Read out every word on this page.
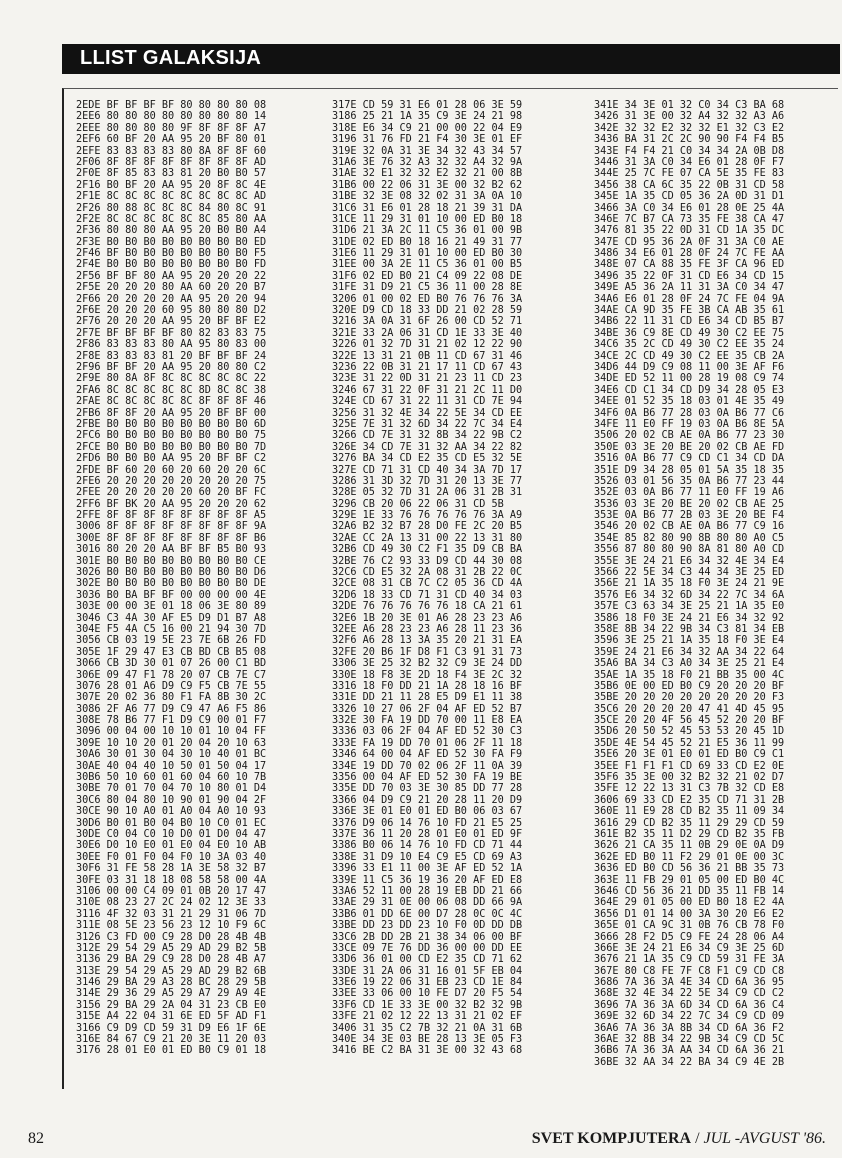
LLIST GALAKSIJA
2EDE BF BF BF BF 80 80 80 80 08
2EE6 80 80 80 80 80 80 80 80 14
2EEE 80 80 80 80 9F 8F 8F 8F A7
2EF6 60 BF 20 AA 95 20 BF 80 01
2EFE 83 83 83 83 80 8A 8F 8F 60
2F06 8F 8F 8F 8F 8F 8F 8F 8F AD
2F0E 8F 85 83 83 81 20 B0 B0 57
2F16 B0 BF 20 AA 95 20 8F 8C 4E
2F1E 8C 8C 8C 8C 8C 8C 8C 8C AD
2F26 80 88 8C 8C 8C 84 80 8C 91
2F2E 8C 8C 8C 8C 8C 8C 85 80 AA
2F36 80 80 80 AA 95 20 B0 B0 A4
2F3E B0 B0 B0 B0 B0 B0 B0 B0 ED
2F46 BF B0 B0 B0 B0 B0 B0 B0 F5
2F4E B0 B0 B0 B0 B0 B0 B0 B0 FD
2F56 BF BF 80 AA 95 20 20 20 22
2F5E 20 20 20 80 AA 60 20 20 B7
2F66 20 20 20 20 AA 95 20 20 94
2F6E 20 20 20 60 95 80 80 80 D2
2F76 20 20 20 AA 95 20 BF BF E2
2F7E BF BF BF BF 80 82 83 83 75
2F86 83 83 83 80 AA 95 80 83 00
2F8E 83 83 83 81 20 BF BF BF 24
2F96 BF BF 20 AA 95 20 80 80 C2
2F9E 80 8A 8F 8C 8C 8C 8C 8C 22
2FA6 8C 8C 8C 8C 8C 8D 8C 8C 38
2FAE 8C 8C 8C 8C 8C 8F 8F 8F 46
2FB6 8F 8F 20 AA 95 20 BF BF 00
2FBE B0 B0 B0 B0 B0 B0 B0 B0 6D
2FC6 B0 B0 B0 B0 B0 B0 B0 B0 75
2FCE B0 B0 B0 B0 B0 B0 B0 B0 7D
2FD6 B0 B0 B0 AA 95 20 BF BF C2
2FDE BF 60 20 60 20 60 20 20 6C
2FE6 20 20 20 20 20 20 20 20 75
2FEE 20 20 20 20 20 60 20 BF FC
2FF6 BF BK 20 AA 95 20 20 20 62
2FFE 8F 8F 8F 8F 8F 8F 8F 8F A5
3006 8F 8F 8F 8F 8F 8F 8F 8F 9A
300E 8F 8F 8F 8F 8F 8F 8F 8F B6
3016 80 20 20 AA BF BF B5 B0 93
301E B0 B0 B0 B0 B0 B0 B0 B0 CE
3026 B0 B0 B0 B0 B0 B0 B0 B0 D6
302E B0 B0 B0 B0 B0 B0 B0 B0 DE
3036 B0 BA BF BF 00 00 00 00 4E
303E 00 00 3E 01 18 06 3E 80 89
3046 C3 4A 30 AF E5 D9 D1 B7 A8
304E F5 4A C5 16 00 21 94 30 7D
3056 CB 03 19 5E 23 7E 6B 26 FD
305E 1F 29 47 E3 CB BD CB B5 08
3066 CB 3D 30 01 07 26 00 C1 BD
306E 09 47 F1 78 20 07 CB 7E C7
3076 28 01 A6 D9 C9 F5 CB 7E 55
307E 20 02 36 80 F1 FA 8B 30 2C
3086 2F A6 77 D9 C9 47 A6 F5 86
308E 78 B6 77 F1 D9 C9 00 01 F7
3096 00 04 00 10 10 01 10 04 FF
309E 10 10 20 01 20 04 20 10 63
30A6 30 01 30 04 30 10 40 01 BC
30AE 40 04 40 10 50 01 50 04 17
30B6 50 10 60 01 60 04 60 10 7B
30BE 70 01 70 04 70 10 80 01 D4
30C6 80 04 80 10 90 01 90 04 2F
30CE 90 10 A0 01 A0 04 A0 10 93
30D6 B0 01 B0 04 B0 10 C0 01 EC
30DE C0 04 C0 10 D0 01 D0 04 47
30E6 D0 10 E0 01 E0 04 E0 10 AB
30EE F0 01 F0 04 F0 10 3A 03 40
30F6 31 FE 58 28 1A 3E 58 32 B7
30FE 03 31 18 18 08 58 58 00 4A
3106 00 00 C4 09 01 0B 20 17 47
310E 08 23 27 2C 24 02 12 3E 33
3116 4F 32 03 31 21 29 31 06 7D
311E 08 5E 23 56 23 12 10 F9 6C
3126 C3 FD 00 C9 28 D0 28 4B 4B
312E 29 54 29 A5 29 AD 29 B2 5B
3136 29 BA 29 C9 28 D0 28 4B A7
313E 29 54 29 A5 29 AD 29 B2 6B
3146 29 BA 29 A3 28 BC 28 29 5B
314E 29 36 29 A5 29 A7 29 A9 4E
3156 29 BA 29 2A 04 31 23 CB E0
315E A4 22 04 31 6E ED 5F AD F1
3166 C9 D9 CD 59 31 D9 E6 1F 6E
316E 84 67 C9 21 20 3E 11 20 03
3176 28 01 E0 01 ED B0 C9 01 18
317E CD 59 31 E6 01 28 06 3E 59
3186 25 21 1A 35 C9 3E 24 21 98
318E E6 34 C9 21 00 00 22 04 E9
3196 31 76 FD 21 F4 30 3E 01 EF
319E 32 0A 31 3E 34 32 43 34 57
31A6 3E 76 32 A3 32 32 A4 32 9A
31AE 32 E1 32 32 E2 32 21 00 8B
31B6 00 22 06 31 3E 00 32 B2 62
31BE 32 3E 08 32 02 31 3A 0A 10
31C6 31 E6 01 28 18 21 39 31 DA
31CE 11 29 31 01 10 00 ED B0 18
31D6 21 3A 2C 11 C5 36 01 00 9B
31DE 02 ED B0 18 16 21 49 31 77
31E6 11 29 31 01 10 00 ED B0 30
31EE 00 3A 2E 11 C5 36 01 00 B5
31F6 02 ED B0 21 C4 09 22 08 DE
31FE 31 D9 21 C5 36 11 00 28 8E
3206 01 00 02 ED B0 76 76 76 3A
320E D9 CD 18 33 DD 21 02 28 59
3216 3A 0A 31 6F 26 00 CD 52 71
321E 33 2A 06 31 CD 1E 33 3E 40
3226 01 32 7D 31 21 02 12 22 90
322E 13 31 21 0B 11 CD 67 31 46
3236 22 0B 31 21 17 11 CD 67 43
323E 31 22 0D 31 21 23 11 CD 23
3246 67 31 22 0F 31 21 2C 11 D0
324E CD 67 31 22 11 31 CD 7E 94
3256 31 32 4E 34 22 5E 34 CD EE
325E 7E 31 32 6D 34 22 7C 34 E4
3266 CD 7E 31 32 8B 34 22 9B C2
326E 34 CD 7E 31 32 AA 34 22 82
3276 BA 34 CD E2 35 CD E5 32 5E
327E CD 71 31 CD 40 34 3A 7D 17
3286 31 3D 32 7D 31 20 13 3E 77
328E 05 32 7D 31 2A 06 31 2B 31
3296 CB 20 06 22 06 31 CD 5B
329E 1E 33 76 76 76 76 76 3A A9
32A6 B2 32 B7 28 D0 FE 2C 20 B5
32AE CC 2A 13 31 00 22 13 31 80
32B6 CD 49 30 C2 F1 35 D9 CB BA
32BE 76 C2 93 33 D9 CD 44 30 08
32C6 CD E5 32 2A 08 31 2B 22 0C
32CE 08 31 CB 7C C2 05 36 CD 4A
32D6 18 33 CD 71 31 CD 40 34 03
32DE 76 76 76 76 76 18 CA 21 61
32E6 1B 20 3E 01 A6 28 23 23 A6
32EE A6 28 23 23 A6 28 11 23 36
32F6 A6 28 13 3A 35 20 21 31 EA
32FE 20 B6 1F D8 F1 C3 91 31 73
3306 3E 25 32 B2 32 C9 3E 24 DD
330E 18 F8 3E 2D 18 F4 3E 2C 32
3316 18 F0 DD 21 1A 28 18 16 BF
331E DD 21 11 28 E5 D9 E1 11 38
3326 10 27 06 2F 04 AF ED 52 B7
332E 30 FA 19 DD 70 00 11 E8 EA
3336 03 06 2F 04 AF ED 52 30 C3
333E FA 19 DD 70 01 06 2F 11 18
3346 64 00 04 AF ED 52 30 FA F9
334E 19 DD 70 02 06 2F 11 0A 39
3356 00 04 AF ED 52 30 FA 19 BE
335E DD 70 03 3E 30 85 DD 77 28
3366 04 D9 C9 21 20 28 11 20 D9
336E 3E 01 E0 01 ED B0 06 03 67
3376 D9 06 14 76 10 FD 21 E5 25
337E 36 11 20 28 01 E0 01 ED 9F
3386 B0 06 14 76 10 FD CD 71 44
338E 31 D9 10 E4 C9 E5 CD 69 A3
3396 33 E1 11 00 3E AF ED 52 1A
339E 11 C5 36 19 36 20 AF ED E8
33A6 52 11 00 28 19 EB DD 21 66
33AE 29 31 0E 00 06 08 DD 66 9A
33B6 01 DD 6E 00 D7 28 0C 0C 4C
33BE DD 23 DD 23 10 F0 0D DD DB
33C6 2B DD 2B 21 38 34 06 00 BF
33CE 09 7E 76 DD 36 00 00 DD EE
33D6 36 01 00 CD E2 35 CD 71 62
33DE 31 2A 06 31 16 01 5F EB 04
33E6 19 22 06 31 EB 23 CD 1E 84
33EE 33 06 00 10 FE D7 20 F5 54
33F6 CD 1E 33 3E 00 32 B2 32 9B
33FE 21 02 12 22 13 31 21 02 EF
3406 31 35 C2 7B 32 21 0A 31 6B
340E 34 3E 03 BE 28 13 3E 05 F3
3416 BE C2 BA 31 3E 00 32 43 68
341E 34 3E 01 32 C0 34 C3 BA 68
3426 31 3E 00 32 A4 32 32 A3 A6
342E 32 32 E2 32 32 E1 32 C3 E2
3436 BA 31 2C 2C 90 90 F4 F4 B5
343E F4 F4 21 C0 34 34 2A 0B D8
3446 31 3A C0 34 E6 01 28 0F F7
344E 25 7C FE 07 CA 5E 35 FE 83
3456 38 CA 6C 35 22 0B 31 CD 58
345E 1A 35 CD 05 36 2A 0D 31 D1
3466 3A C0 34 E6 01 28 0E 25 4A
346E 7C B7 CA 73 35 FE 38 CA 47
3476 81 35 22 0D 31 CD 1A 35 DC
347E CD 95 36 2A 0F 31 3A C0 AE
3486 34 E6 01 28 0F 24 7C FE AA
348E 07 CA 88 35 FE 3F CA 96 ED
3496 35 22 0F 31 CD E6 34 CD 15
349E A5 36 2A 11 31 3A C0 34 47
34A6 E6 01 28 0F 24 7C FE 04 9A
34AE CA 9D 35 FE 3B CA AB 35 61
34B6 22 11 31 CD E6 34 CD B5 B7
34BE 36 C9 8E CD 49 30 C2 EE 75
34C6 35 2C CD 49 30 C2 EE 35 24
34CE 2C CD 49 30 C2 EE 35 CB 2A
34D6 44 D9 C9 08 11 00 3E AF F6
34DE ED 52 11 00 28 19 08 C9 74
34E6 CD C1 34 CD D9 34 28 05 E3
34EE 01 52 35 18 03 01 4E 35 49
34F6 0A B6 77 28 03 0A B6 77 C6
34FE 11 E0 FF 19 03 0A B6 8E 5A
3506 20 02 CB AE 0A B6 77 23 30
350E 03 3E 20 BE 20 02 CB AE FD
3516 0A B6 77 C9 CD C1 34 CD DA
351E D9 34 28 05 01 5A 35 18 35
3526 03 01 56 35 0A B6 77 23 44
352E 03 0A B6 77 11 E0 FF 19 A6
3536 03 3E 20 BE 20 02 CB AE 25
353E 0A B6 77 2B 03 3E 20 BE F4
3546 20 02 CB AE 0A B6 77 C9 16
354E 85 82 80 90 8B 80 80 A0 C5
3556 87 80 80 90 8A 81 80 A0 CD
355E 3E 24 21 E6 34 32 4E 34 E4
3566 22 5E 34 C3 44 34 3E 25 ED
356E 21 1A 35 18 F0 3E 24 21 9E
3576 E6 34 32 6D 34 22 7C 34 6A
357E C3 63 34 3E 25 21 1A 35 E0
3586 18 F0 3E 24 21 E6 34 32 92
358E 8B 34 22 9B 34 C3 81 34 EB
3596 3E 25 21 1A 35 18 F0 3E E4
359E 24 21 E6 34 32 AA 34 22 64
35A6 BA 34 C3 A0 34 3E 25 21 E4
35AE 1A 35 18 F0 21 BB 35 00 4C
35B6 0E 00 ED B0 C9 20 20 20 BF
35BE 20 20 20 20 20 20 20 20 F3
35C6 20 20 20 20 47 41 4D 45 95
35CE 20 20 4F 56 45 52 20 20 BF
35D6 20 50 52 45 53 53 20 45 1D
35DE 4E 54 45 52 21 E5 36 11 99
35E6 20 3E 01 E0 01 ED B0 C9 C1
35EE F1 F1 F1 CD 69 33 CD E2 0E
35F6 35 3E 00 32 B2 32 21 02 D7
35FE 12 22 13 31 C3 7B 32 CD E8
3606 69 33 CD E2 35 CD 71 31 2B
360E 11 E9 28 CD B2 35 11 09 34
3616 29 CD B2 35 11 29 29 CD 59
361E B2 35 11 D2 29 CD B2 35 FB
3626 21 CA 35 11 0B 29 0E 0A D9
362E ED B0 11 F2 29 01 0E 00 3C
3636 ED B0 CD 56 36 21 BB 35 73
363E 11 FB 29 01 05 00 ED B0 4C
3646 CD 56 36 21 DD 35 11 FB 14
364E 29 01 05 00 ED B0 18 E2 4A
3656 D1 01 14 00 3A 30 20 E6 E2
365E 01 CA 9C 31 0B 76 CB 78 F0
3666 28 F2 D5 C9 FE 24 28 06 A4
366E 3E 24 21 E6 34 C9 3E 25 6D
3676 21 1A 35 C9 CD 59 31 FE 3A
367E 80 C8 FE 7F C8 F1 C9 CD C8
3686 7A 36 3A 4E 34 CD 6A 36 95
368E 32 4E 34 22 5E 34 C9 CD C2
3696 7A 36 3A 6D 34 CD 6A 36 C4
369E 32 6D 34 22 7C 34 C9 CD 09
36A6 7A 36 3A 8B 34 CD 6A 36 F2
36AE 32 8B 34 22 9B 34 C9 CD 5C
36B6 7A 36 3A AA 34 CD 6A 36 21
36BE 32 AA 34 22 BA 34 C9 4E 2B
82	SVET KOMPJUTERA / JUL -AVGUST '86.
